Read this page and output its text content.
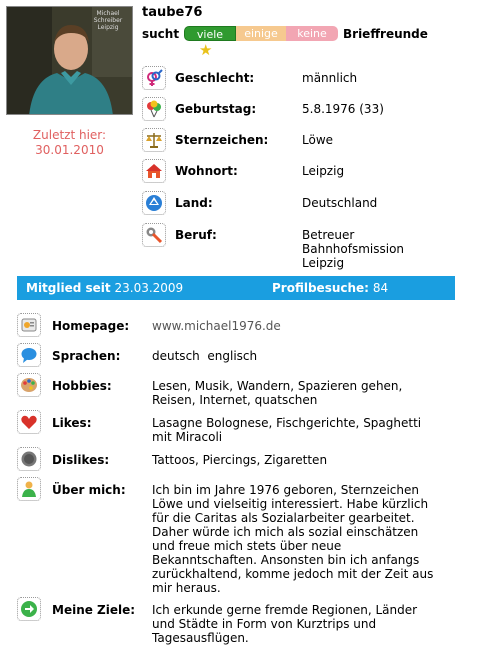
Michael Schreiber Leipzig
Zuletzt hier:
30.01.2010
taube76
sucht	viele	einige	keine	Brieffreunde
★
Geschlecht:	männlich
Geburtstag:	5.8.1976 (33)
Sternzeichen:	Löwe
Wohnort:	Leipzig
Land:	Deutschland
Beruf:	Betreuer
Bahnhofsmission
Leipzig
Mitglied seit 23.03.2009	Profilbesuche: 84
Homepage: www.michael1976.de
Sprachen:	deutsch  englisch
Hobbies:	Lesen, Musik, Wandern, Spazieren gehen,
Reisen, Internet, quatschen
Likes:	Lasagne Bolognese, Fischgerichte, Spaghetti
mit Miracoli
Dislikes:	Tattoos, Piercings, Zigaretten
Über mich: Ich bin im Jahre 1976 geboren, Sternzeichen
Löwe und vielseitig interessiert. Habe kürzlich
für die Caritas als Sozialarbeiter gearbeitet.
Daher würde ich mich als sozial einschätzen
und freue mich stets über neue
Bekanntschaften. Ansonsten bin ich anfangs
zurückhaltend, komme jedoch mit der Zeit aus
mir heraus.
Meine Ziele: Ich erkunde gerne fremde Regionen, Länder
und Städte in Form von Kurztrips und
Tagesausflügen.
